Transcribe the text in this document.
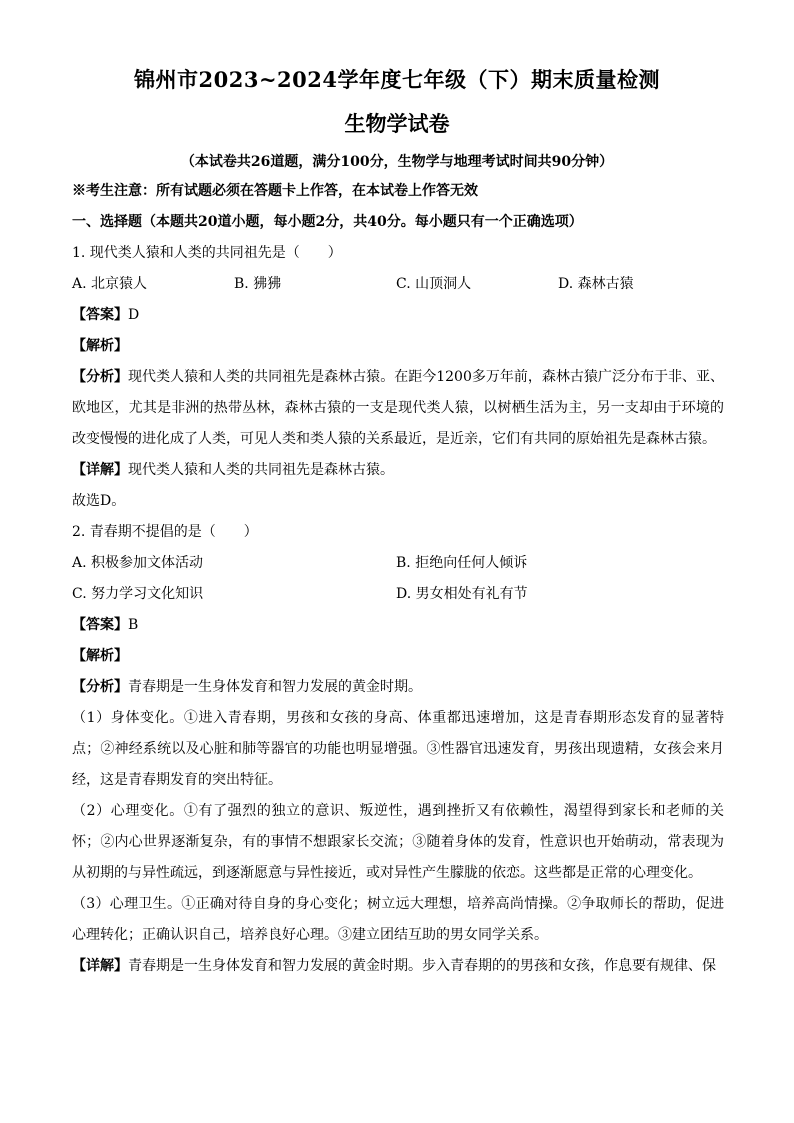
锦州市2023~2024学年度七年级（下）期末质量检测
生物学试卷
（本试卷共26道题，满分100分，生物学与地理考试时间共90分钟）
※考生注意：所有试题必须在答题卡上作答，在本试卷上作答无效
一、选择题（本题共20道小题，每小题2分，共40分。每小题只有一个正确选项）
1. 现代类人猿和人类的共同祖先是（　　）
A. 北京猿人	B. 狒狒	C. 山顶洞人	D. 森林古猿
【答案】D
【解析】
【分析】现代类人猿和人类的共同祖先是森林古猿。在距今1200多万年前，森林古猿广泛分布于非、亚、欧地区，尤其是非洲的热带丛林，森林古猿的一支是现代类人猿，以树栖生活为主，另一支却由于环境的改变慢慢的进化成了人类，可见人类和类人猿的关系最近，是近亲，它们有共同的原始祖先是森林古猿。
【详解】现代类人猿和人类的共同祖先是森林古猿。
故选D。
2. 青春期不提倡的是（　　）
A. 积极参加文体活动	B. 拒绝向任何人倾诉
C. 努力学习文化知识	D. 男女相处有礼有节
【答案】B
【解析】
【分析】青春期是一生身体发育和智力发展的黄金时期。
（1）身体变化。①进入青春期，男孩和女孩的身高、体重都迅速增加，这是青春期形态发育的显著特点；②神经系统以及心脏和肺等器官的功能也明显增强。③性器官迅速发育，男孩出现遗精，女孩会来月经，这是青春期发育的突出特征。
（2）心理变化。①有了强烈的独立的意识、叛逆性，遇到挫折又有依赖性，渴望得到家长和老师的关怀；②内心世界逐渐复杂，有的事情不想跟家长交流；③随着身体的发育，性意识也开始萌动，常表现为从初期的与异性疏远，到逐渐愿意与异性接近，或对异性产生朦胧的依恋。这些都是正常的心理变化。
（3）心理卫生。①正确对待自身的身心变化；树立远大理想，培养高尚情操。②争取师长的帮助，促进心理转化；正确认识自己，培养良好心理。③建立团结互助的男女同学关系。
【详解】青春期是一生身体发育和智力发展的黄金时期。步入青春期的的男孩和女孩，作息要有规律、保
